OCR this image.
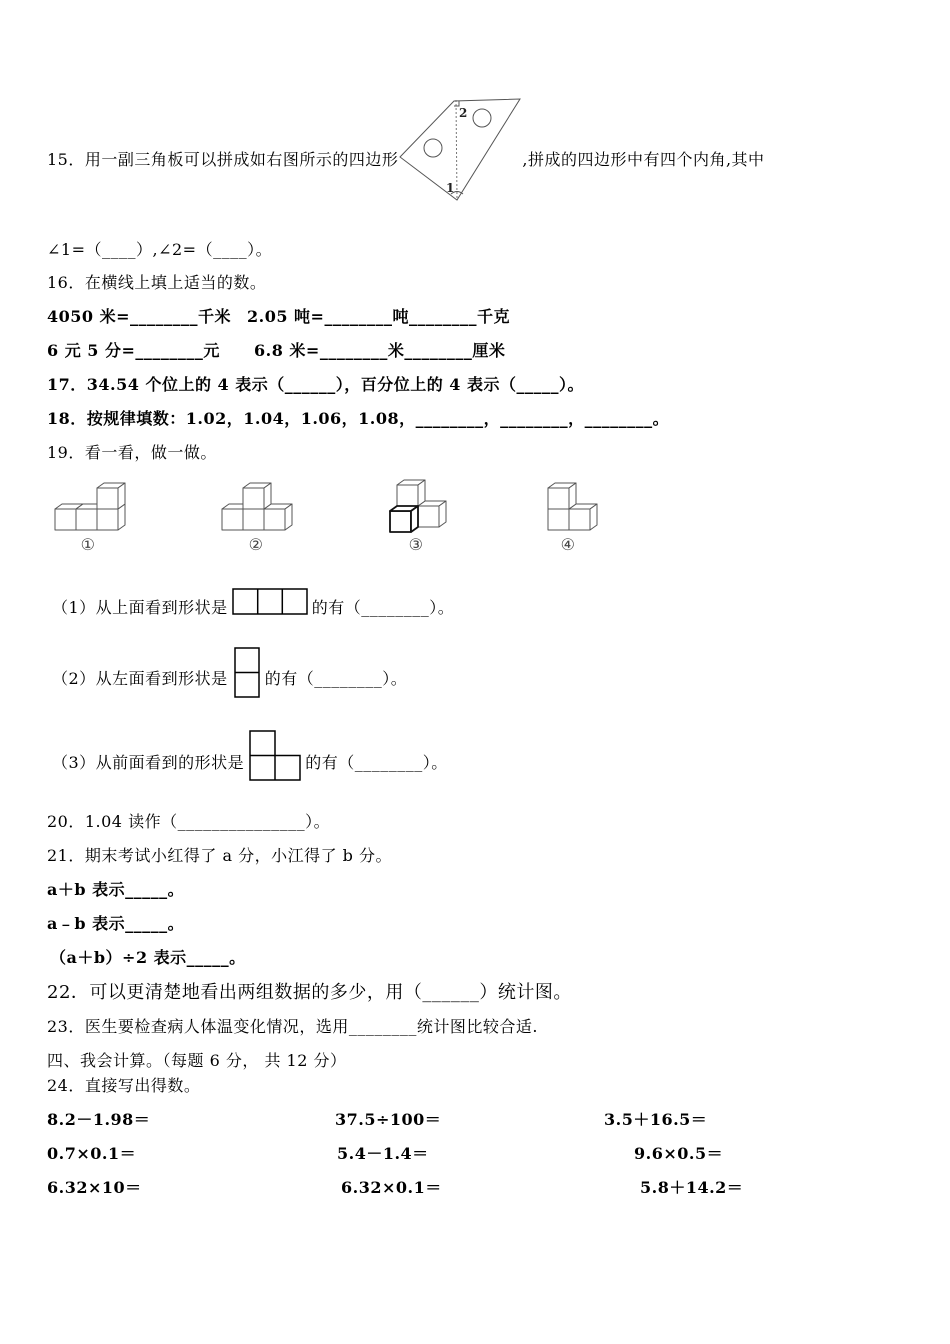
15．用一副三角板可以拼成如右图所示的四边形
2
1
,拼成的四边形中有四个内角,其中
∠1=（____）,∠2=（____）。
16．在横线上填上适当的数。
4050 米=________千米 2.05 吨=________吨________千克
6 元 5 分=________元 6.8 米=________米________厘米
17．34.54 个位上的 4 表示（______），百分位上的 4 表示（_____）。
18．按规律填数：1.02，1.04，1.06，1.08，________，________，________。
19．看一看，做一做。
①	②	③	④
（1）从上面看到形状是	的有（________）。
（2）从左面看到形状是 的有（________）。
（3）从前面看到的形状是	的有（________）。
20．1.04 读作（_______________）。
21．期末考试小红得了 a 分，小江得了 b 分。
a＋b 表示_____。
a﹣b 表示_____。
（a＋b）÷2 表示_____。
22．可以更清楚地看出两组数据的多少，用（______）统计图。
23．医生要检查病人体温变化情况，选用________统计图比较合适.
四、我会计算。（每题 6 分， 共 12 分）
24．直接写出得数。
8.2－1.98＝	37.5÷100＝	3.5＋16.5＝
0.7×0.1＝	5.4－1.4＝	9.6×0.5＝
6.32×10＝	6.32×0.1＝	5.8＋14.2＝
